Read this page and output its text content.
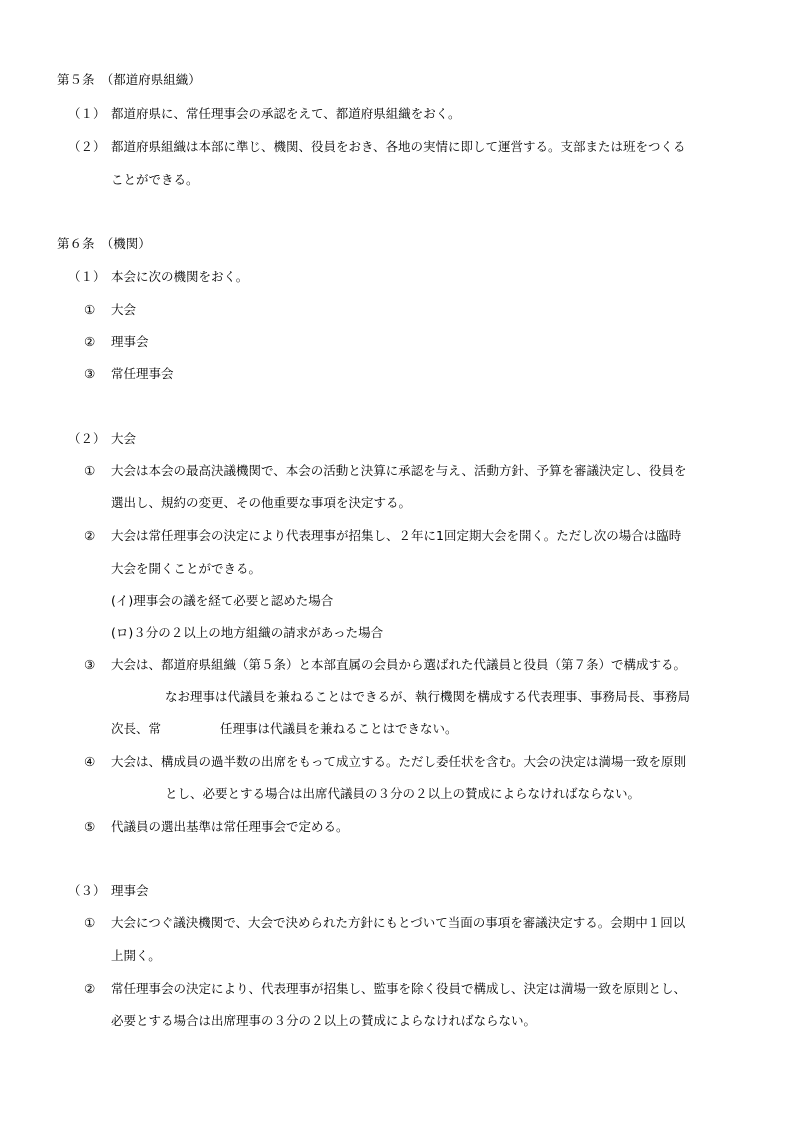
第５条　（都道府県組織）
（１） 都道府県に、常任理事会の承認をえて、都道府県組織をおく。
（２） 都道府県組織は本部に準じ、機関、役員をおき、各地の実情に即して運営する。支部または班をつくる
ことができる。
第６条　（機関）
（１） 本会に次の機関をおく。
① 大会
② 理事会
③ 常任理事会
（２） 大会
① 大会は本会の最高決議機関で、本会の活動と決算に承認を与え、活動方針、予算を審議決定し、役員を
選出し、規約の変更、その他重要な事項を決定する。
② 大会は常任理事会の決定により代表理事が招集し、２年に1回定期大会を開く。ただし次の場合は臨時
大会を開くことができる。
(イ)理事会の議を経て必要と認めた場合
(ロ)３分の２以上の地方組織の請求があった場合
③ 大会は、都道府県組織（第５条）と本部直属の会員から選ばれた代議員と役員（第７条）で構成する。
なお理事は代議員を兼ねることはできるが、執行機関を構成する代表理事、事務局長、事務局
次長、常	任理事は代議員を兼ねることはできない。
④ 大会は、構成員の過半数の出席をもって成立する。ただし委任状を含む。大会の決定は満場一致を原則
とし、必要とする場合は出席代議員の３分の２以上の賛成によらなければならない。
⑤ 代議員の選出基準は常任理事会で定める。
（３） 理事会
① 大会につぐ議決機関で、大会で決められた方針にもとづいて当面の事項を審議決定する。会期中１回以
上開く。
② 常任理事会の決定により、代表理事が招集し、監事を除く役員で構成し、決定は満場一致を原則とし、
必要とする場合は出席理事の３分の２以上の賛成によらなければならない。
